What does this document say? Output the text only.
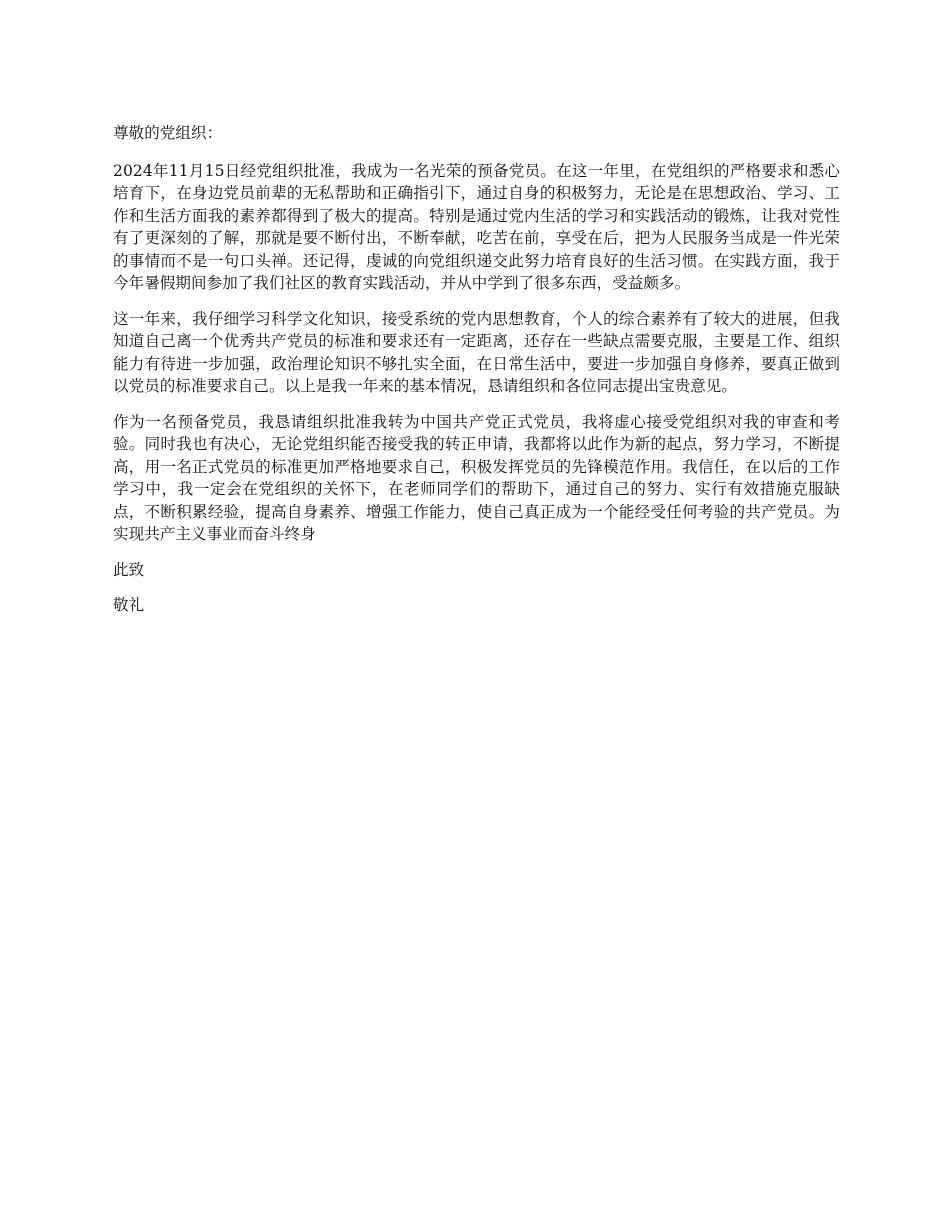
尊敬的党组织：

2024年11月15日经党组织批准，我成为一名光荣的预备党员。在这一年里，在党组织的严格要求和悉心培育下，在身边党员前辈的无私帮助和正确指引下，通过自身的积极努力，无论是在思想政治、学习、工作和生活方面我的素养都得到了极大的提高。特别是通过党内生活的学习和实践活动的锻炼，让我对党性有了更深刻的了解，那就是要不断付出，不断奉献，吃苦在前，享受在后，把为人民服务当成是一件光荣的事情而不是一句口头禅。还记得，虔诚的向党组织递交此努力培育良好的生活习惯。在实践方面，我于今年暑假期间参加了我们社区的教育实践活动，并从中学到了很多东西，受益颇多。

这一年来，我仔细学习科学文化知识，接受系统的党内思想教育，个人的综合素养有了较大的进展，但我知道自己离一个优秀共产党员的标准和要求还有一定距离，还存在一些缺点需要克服，主要是工作、组织能力有待进一步加强，政治理论知识不够扎实全面，在日常生活中，要进一步加强自身修养，要真正做到以党员的标准要求自己。以上是我一年来的基本情况，恳请组织和各位同志提出宝贵意见。

作为一名预备党员，我恳请组织批准我转为中国共产党正式党员，我将虚心接受党组织对我的审查和考验。同时我也有决心，无论党组织能否接受我的转正申请，我都将以此作为新的起点，努力学习，不断提高，用一名正式党员的标准更加严格地要求自己，积极发挥党员的先锋模范作用。我信任，在以后的工作学习中，我一定会在党组织的关怀下，在老师同学们的帮助下，通过自己的努力、实行有效措施克服缺点，不断积累经验，提高自身素养、增强工作能力，使自己真正成为一个能经受任何考验的共产党员。为实现共产主义事业而奋斗终身

此致

敬礼
